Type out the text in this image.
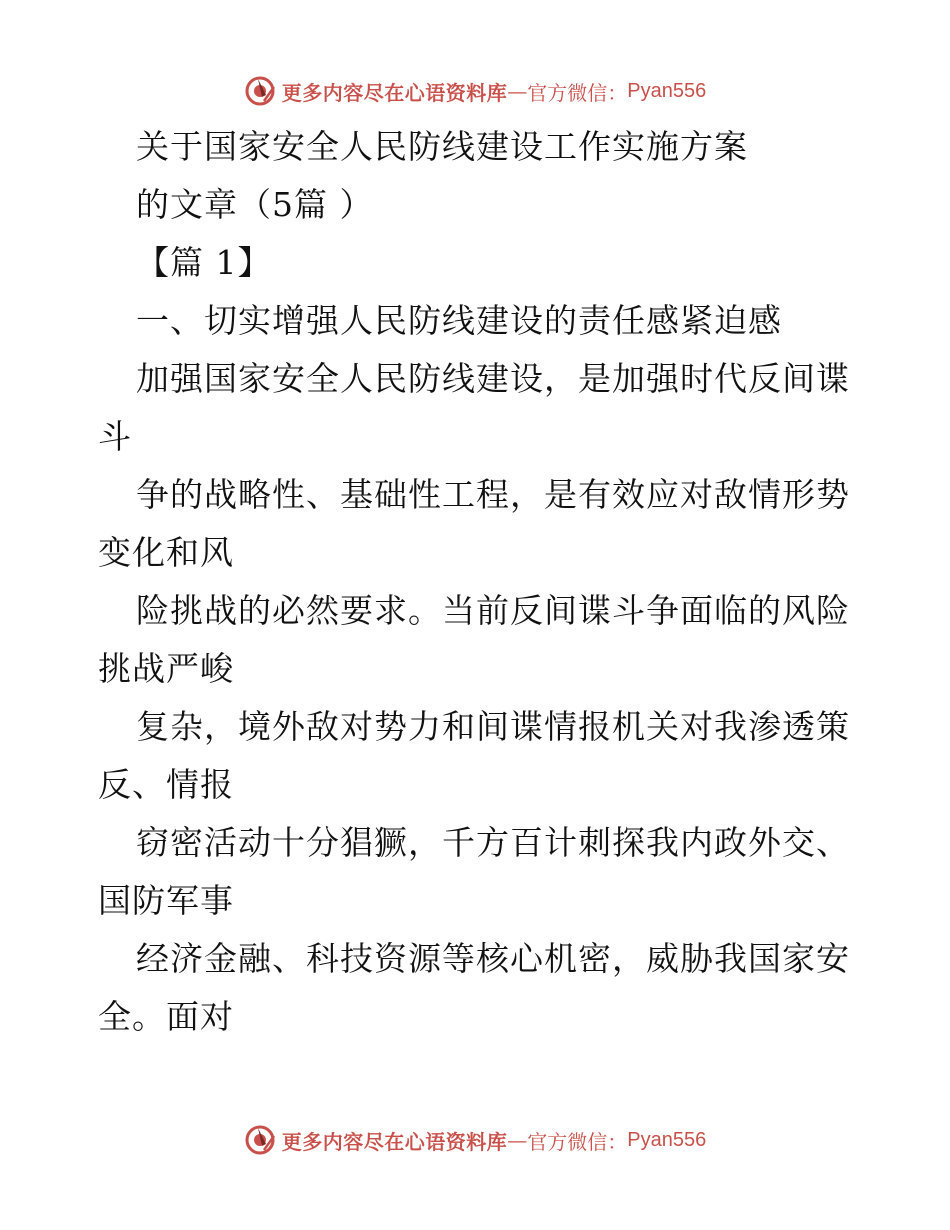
更多内容尽在心语资料库 — 官方微信： Pyan556
关于国家安全人民防线建设工作实施方案
的文章（5篇 ）
【篇 1】
一、切实增强人民防线建设的责任感紧迫感
加强国家安全人民防线建设，是加强时代反间谍
斗
争的战略性、基础性工程，是有效应对敌情形势
变化和风
险挑战的必然要求。当前反间谍斗争面临的风险
挑战严峻
复杂，境外敌对势力和间谍情报机关对我渗透策
反、情报
窃密活动十分猖獗，千方百计刺探我内政外交、
国防军事
经济金融、科技资源等核心机密，威胁我国家安
全。面对
更多内容尽在心语资料库 — 官方微信： Pyan556
